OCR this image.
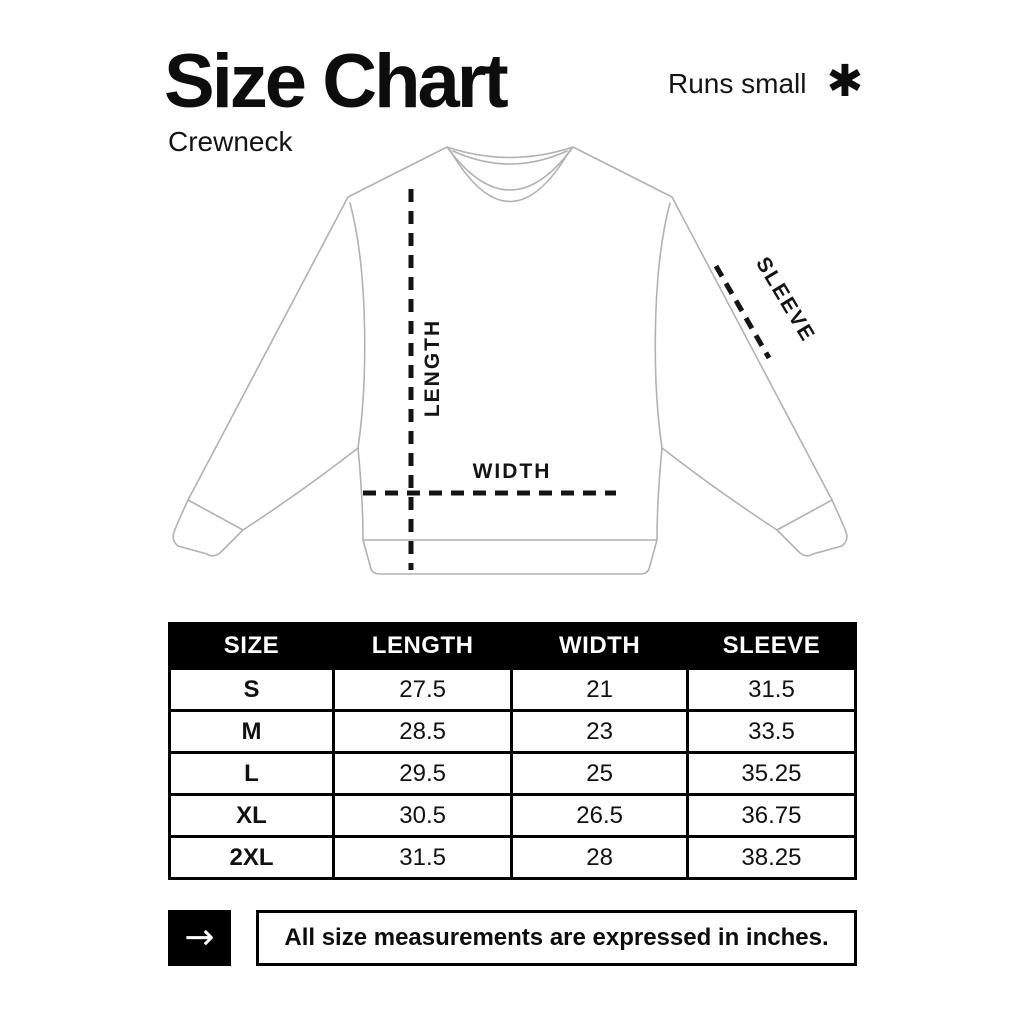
Size Chart
Crewneck
Runs small ✱
LENGTH
WIDTH
SLEEVE
SIZE	LENGTH	WIDTH	SLEEVE
S	27.5	21	31.5
M	28.5	23	33.5
L	29.5	25	35.25
XL	30.5	26.5	36.75
2XL	31.5	28	38.25
→	All size measurements are expressed in inches.
